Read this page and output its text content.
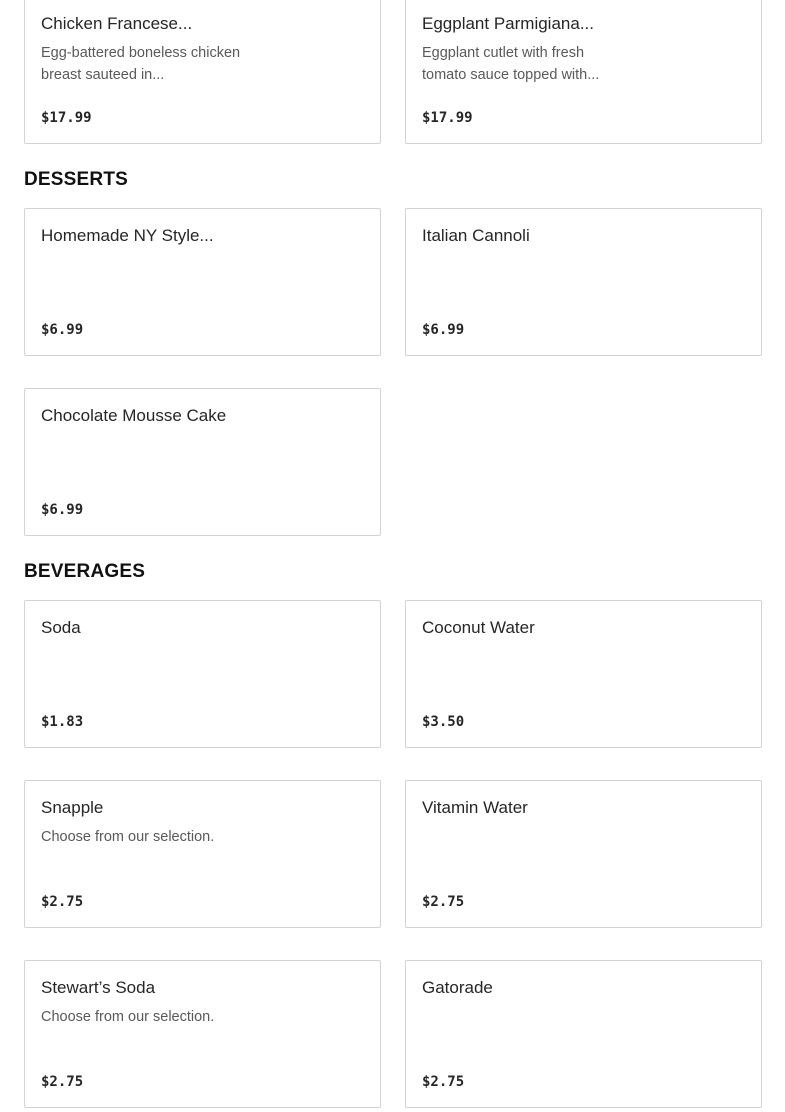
Chicken Francese...
Egg-battered boneless chicken breast sauteed in...
$17.99
Eggplant Parmigiana...
Eggplant cutlet with fresh tomato sauce topped with...
$17.99
DESSERTS
Homemade NY Style...
$6.99
Italian Cannoli
$6.99
Chocolate Mousse Cake
$6.99
BEVERAGES
Soda
$1.83
Coconut Water
$3.50
Snapple
Choose from our selection.
$2.75
Vitamin Water
$2.75
Stewart’s Soda
Choose from our selection.
$2.75
Gatorade
$2.75
